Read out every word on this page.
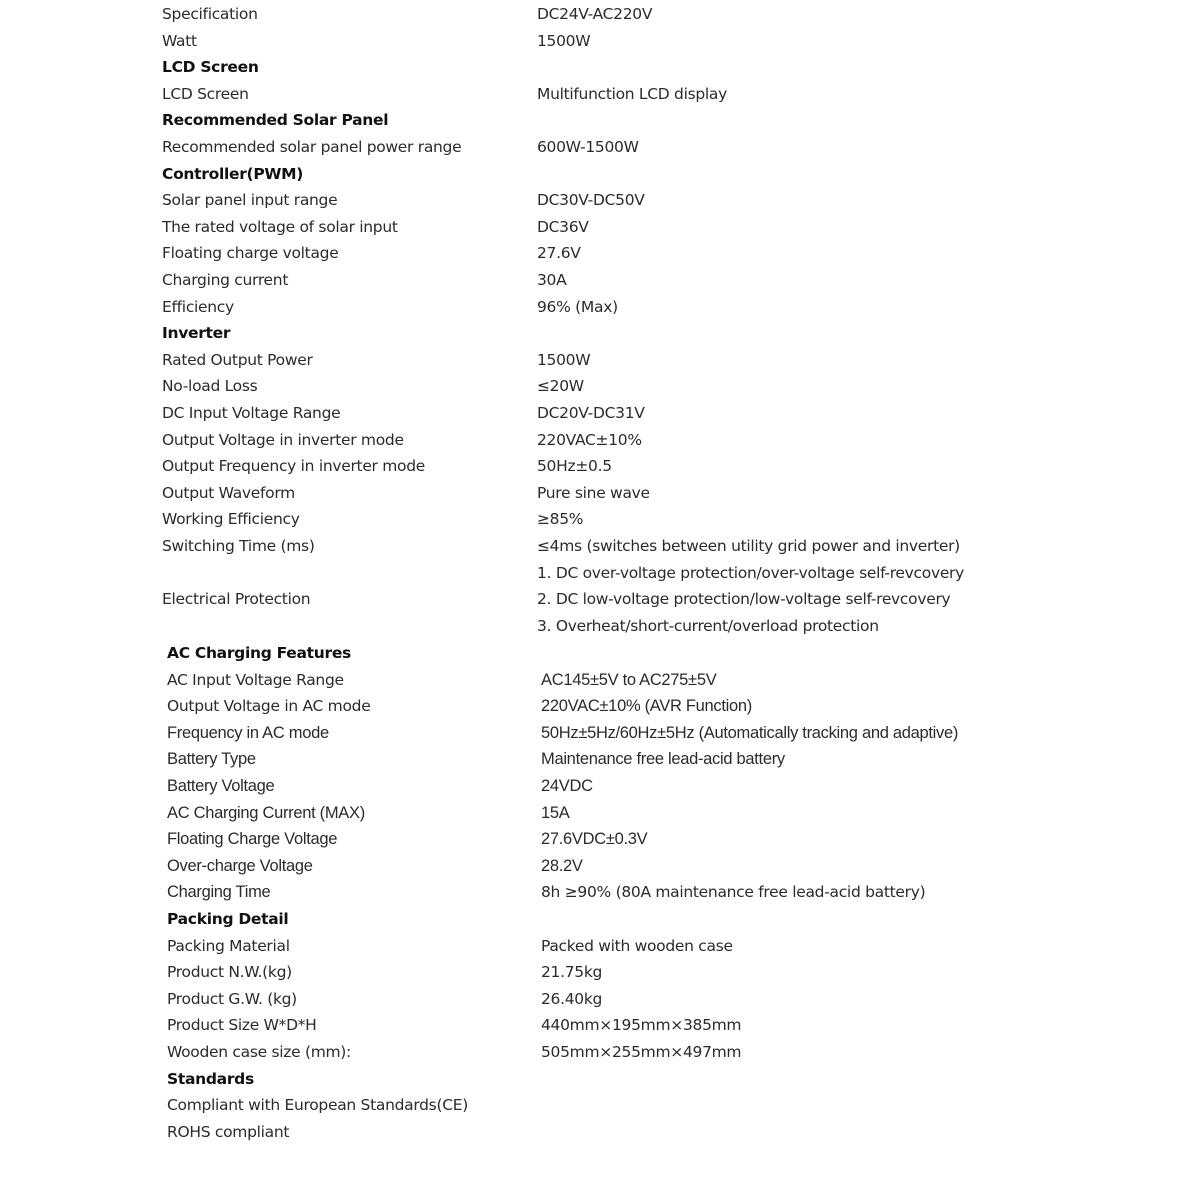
Specification	DC24V-AC220V
Watt	1500W
LCD Screen
LCD Screen	Multifunction LCD display
Recommended Solar Panel
Recommended solar panel power range	600W-1500W
Controller(PWM)
Solar panel input range	DC30V-DC50V
The rated voltage of solar input	DC36V
Floating charge voltage	27.6V
Charging current	30A
Efficiency	96% (Max)
Inverter
Rated Output Power	1500W
No-load Loss	≤20W
DC Input Voltage Range	DC20V-DC31V
Output Voltage in inverter mode	220VAC±10%
Output Frequency in inverter mode	50Hz±0.5
Output Waveform	Pure sine wave
Working Efficiency	≥85%
Switching Time (ms)	≤4ms (switches between utility grid power and inverter)
1. DC over-voltage protection/over-voltage self-revcovery
Electrical Protection	2. DC low-voltage protection/low-voltage self-revcovery
3. Overheat/short-current/overload protection
AC Charging Features
AC Input Voltage Range	AC145±5V to AC275±5V
Output Voltage in AC mode	220VAC±10% (AVR Function)
Frequency in AC mode	50Hz±5Hz/60Hz±5Hz (Automatically tracking and adaptive)
Battery Type	Maintenance free lead-acid battery
Battery Voltage	24VDC
AC Charging Current (MAX)	15A
Floating Charge Voltage	27.6VDC±0.3V
Over-charge Voltage	28.2V
Charging Time	8h ≥90% (80A maintenance free lead-acid battery)
Packing Detail
Packing Material	Packed with wooden case
Product N.W.(kg)	21.75kg
Product G.W. (kg)	26.40kg
Product Size W*D*H	440mm×195mm×385mm
Wooden case size (mm):	505mm×255mm×497mm
Standards
Compliant with European Standards(CE)
ROHS compliant
